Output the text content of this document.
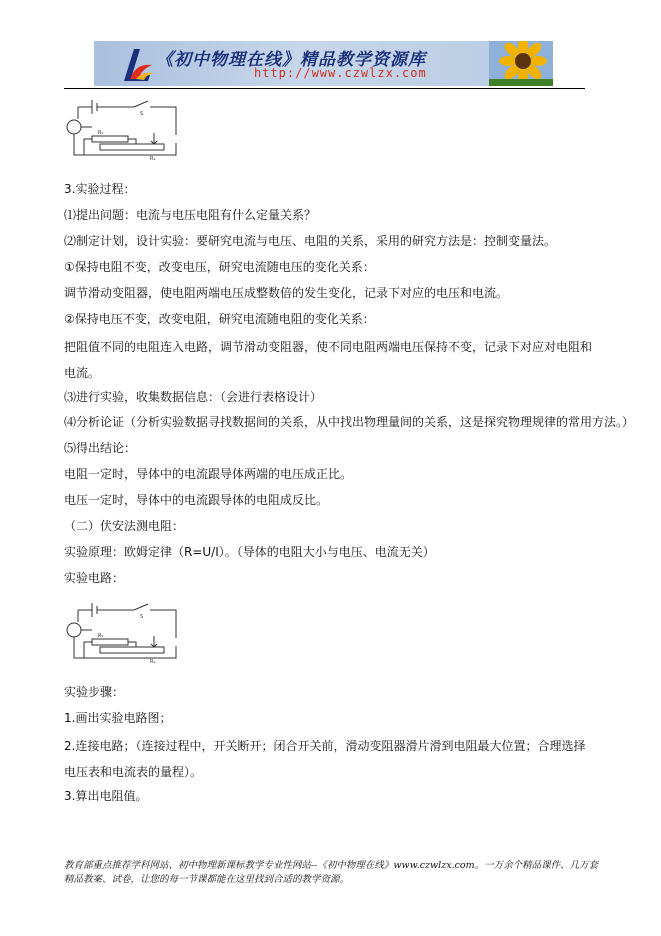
《初中物理在线》精品教学资源库
http://www.czwlzx.com
S
R₁
R₂
3.实验过程：
⑴提出问题：电流与电压电阻有什么定量关系？
⑵制定计划，设计实验：要研究电流与电压、电阻的关系，采用的研究方法是：控制变量法。
①保持电阻不变，改变电压，研究电流随电压的变化关系：
调节滑动变阻器，使电阻两端电压成整数倍的发生变化，记录下对应的电压和电流。
②保持电压不变，改变电阻，研究电流随电阻的变化关系：
把阻值不同的电阻连入电路，调节滑动变阻器，使不同电阻两端电压保持不变，记录下对应对电阻和电流。
⑶进行实验，收集数据信息：（会进行表格设计）
⑷分析论证（分析实验数据寻找数据间的关系，从中找出物理量间的关系，这是探究物理规律的常用方法。）
⑸得出结论：
电阻一定时，导体中的电流跟导体两端的电压成正比。
电压一定时，导体中的电流跟导体的电阻成反比。
（二）伏安法测电阻：
实验原理：欧姆定律（R=U/I）。（导体的电阻大小与电压、电流无关）
实验电路：
S
R₁
R₂
实验步骤：
1.画出实验电路图；
2.连接电路；（连接过程中，开关断开；闭合开关前，滑动变阻器滑片滑到电阻最大位置；合理选择电压表和电流表的量程）。
3.算出电阻值。
教育部重点推荐学科网站、初中物理新课标教学专业性网站--《初中物理在线》www.czwlzx.com。一万余个精品课件、几万套精品教案、试卷，让您的每一节课都能在这里找到合适的教学资源。
